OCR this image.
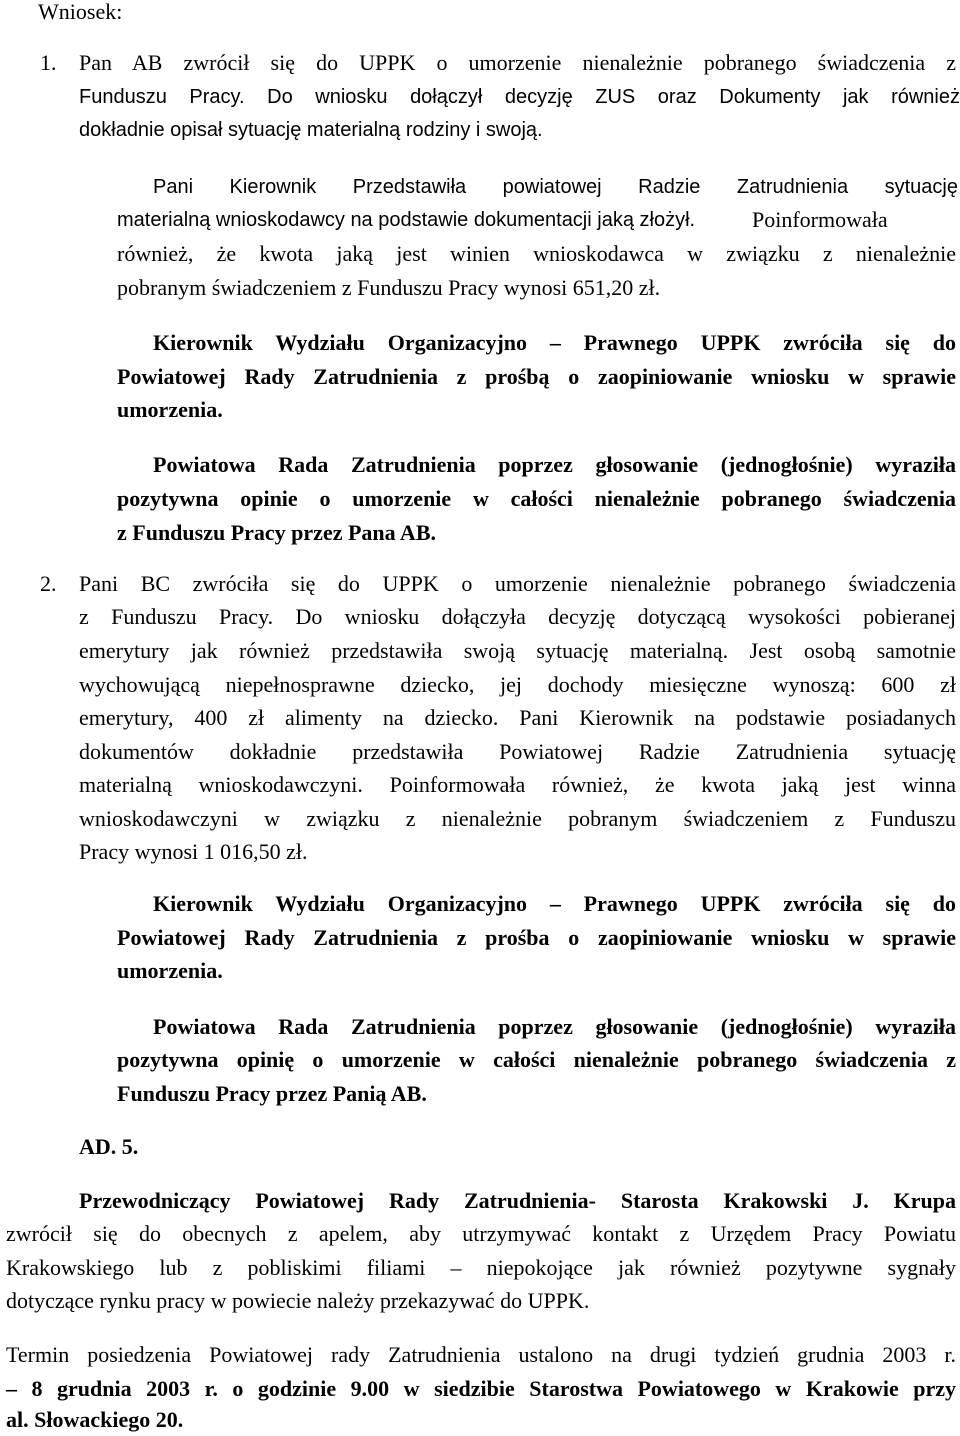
Wniosek:
1. Pan AB zwrócił się do UPPK o umorzenie nienależnie pobranego świadczenia z
Funduszu Pracy. Do wniosku dołączył decyzję ZUS oraz Dokumenty jak również
dokładnie opisał sytuację materialną rodziny i swoją.
Pani Kierownik Przedstawiła powiatowej Radzie Zatrudnienia sytuację
materialną wnioskodawcy na podstawie dokumentacji jaką złożył.	Poinformowała
również, że kwota jaką jest winien wnioskodawca w związku z nienależnie
pobranym świadczeniem z Funduszu Pracy wynosi 651,20 zł.
Kierownik Wydziału Organizacyjno – Prawnego UPPK zwróciła się do
Powiatowej Rady Zatrudnienia z prośbą o zaopiniowanie wniosku w sprawie
umorzenia.
Powiatowa Rada Zatrudnienia poprzez głosowanie (jednogłośnie) wyraziła
pozytywna opinie o umorzenie w całości nienależnie pobranego świadczenia
z Funduszu Pracy przez Pana AB.
2. Pani BC zwróciła się do UPPK o umorzenie nienależnie pobranego świadczenia
z Funduszu Pracy. Do wniosku dołączyła decyzję dotyczącą wysokości pobieranej
emerytury jak również przedstawiła swoją sytuację materialną. Jest osobą samotnie
wychowującą niepełnosprawne dziecko, jej dochody miesięczne wynoszą: 600 zł
emerytury, 400 zł alimenty na dziecko. Pani Kierownik na podstawie posiadanych
dokumentów dokładnie przedstawiła Powiatowej Radzie Zatrudnienia sytuację
materialną wnioskodawczyni. Poinformowała również, że kwota jaką jest winna
wnioskodawczyni w związku z nienależnie pobranym świadczeniem z Funduszu
Pracy wynosi 1 016,50 zł.
Kierownik Wydziału Organizacyjno – Prawnego UPPK zwróciła się do
Powiatowej Rady Zatrudnienia z prośba o zaopiniowanie wniosku w sprawie
umorzenia.
Powiatowa Rada Zatrudnienia poprzez głosowanie (jednogłośnie) wyraziła
pozytywna opinię o umorzenie w całości nienależnie pobranego świadczenia z
Funduszu Pracy przez Panią AB.
AD. 5.
Przewodniczący Powiatowej Rady Zatrudnienia- Starosta Krakowski J. Krupa
zwrócił się do obecnych z apelem, aby utrzymywać kontakt z Urzędem Pracy Powiatu
Krakowskiego lub z pobliskimi filiami – niepokojące jak również pozytywne sygnały
dotyczące rynku pracy w powiecie należy przekazywać do UPPK.
Termin posiedzenia Powiatowej rady Zatrudnienia ustalono na drugi tydzień grudnia 2003 r.
– 8 grudnia 2003 r. o godzinie 9.00 w siedzibie Starostwa Powiatowego w Krakowie przy
al. Słowackiego 20.
